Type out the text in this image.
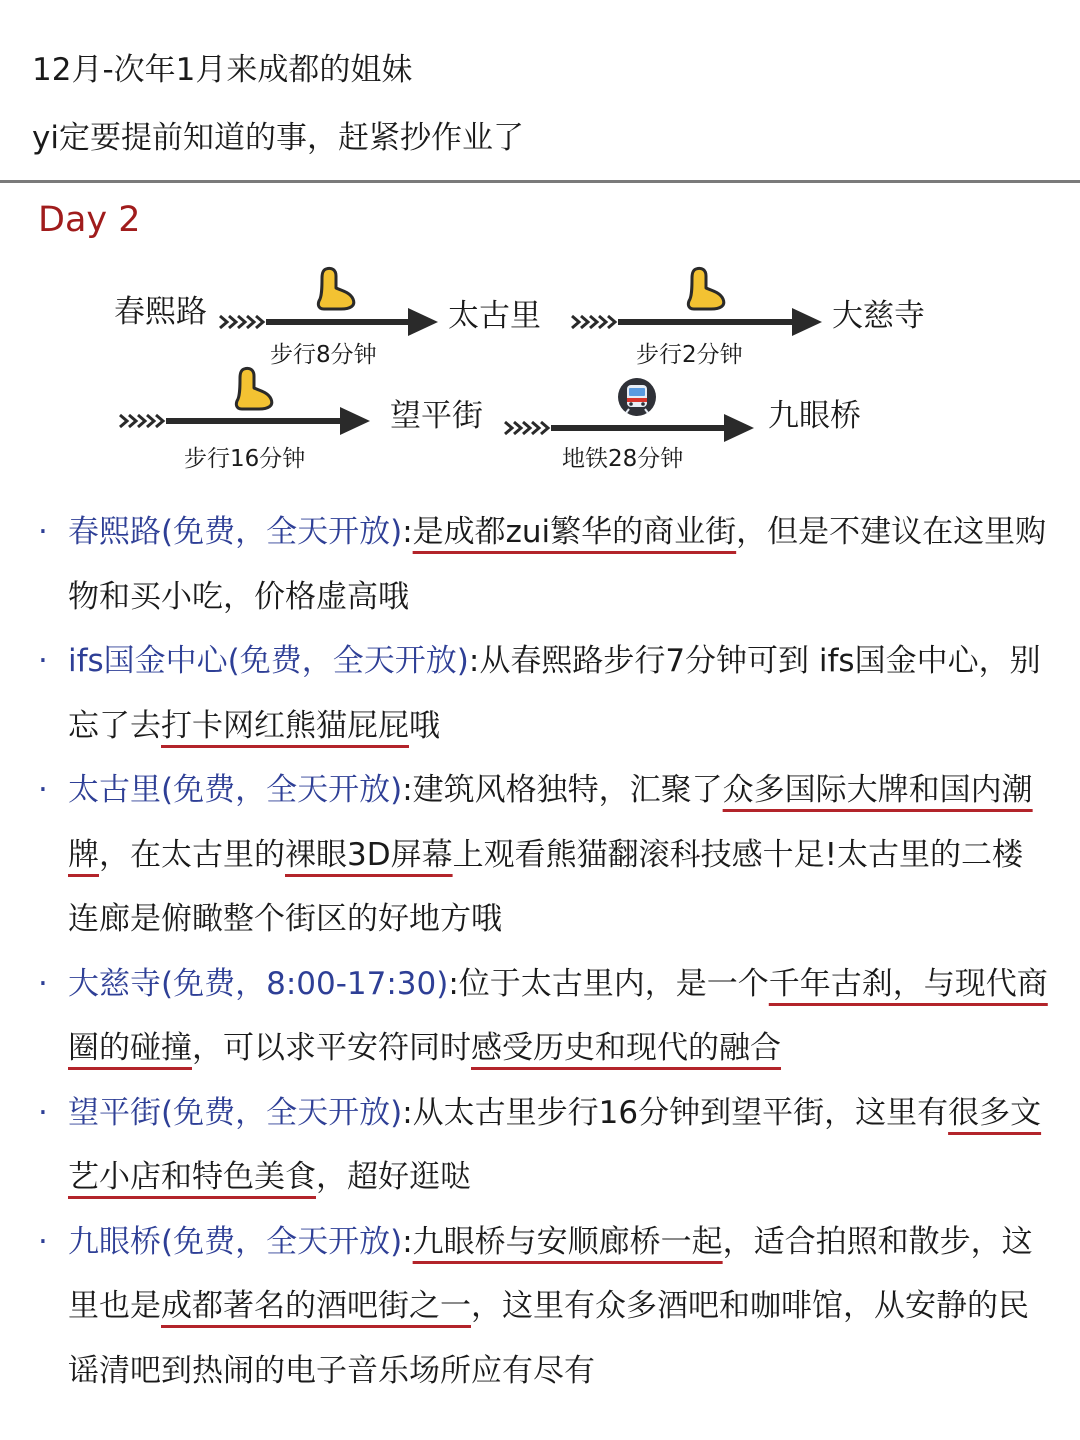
12月-次年1月来成都的姐妹
yi定要提前知道的事，赶紧抄作业了
Day 2
春熙路	太古里	大慈寺
望平街	九眼桥
步行8分钟	步行2分钟
步行16分钟	地铁28分钟
· 春熙路(免费，全天开放):是成都zui繁华的商业街，但是不建议在这里购物和买小吃，价格虚高哦
· ifs国金中心(免费，全天开放):从春熙路步行7分钟可到 ifs国金中心，别忘了去打卡网红熊猫屁屁哦
· 太古里(免费，全天开放):建筑风格独特，汇聚了众多国际大牌和国内潮牌，在太古里的裸眼3D屏幕上观看熊猫翻滚科技感十足!太古里的二楼连廊是俯瞰整个街区的好地方哦
· 大慈寺(免费，8:00-17:30):位于太古里内，是一个千年古刹，与现代商圈的碰撞，可以求平安符同时感受历史和现代的融合
· 望平街(免费，全天开放):从太古里步行16分钟到望平街，这里有很多文艺小店和特色美食，超好逛哒
· 九眼桥(免费，全天开放):九眼桥与安顺廊桥一起，适合拍照和散步，这里也是成都著名的酒吧街之一，这里有众多酒吧和咖啡馆，从安静的民谣清吧到热闹的电子音乐场所应有尽有
